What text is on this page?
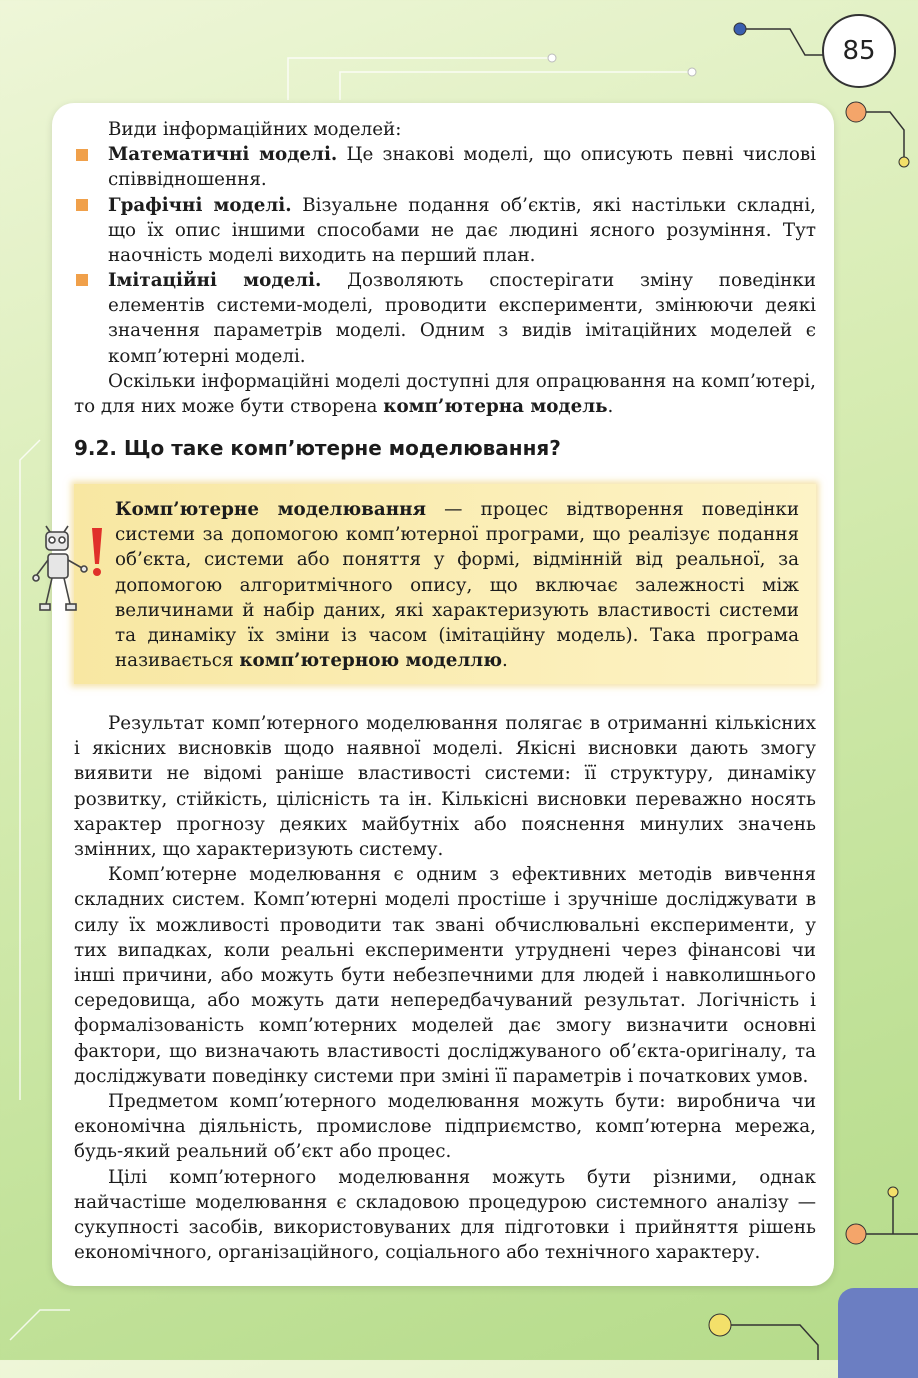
85
Види інформаційних моделей:
Математичні моделі. Це знакові моделі, що описують певні числові співвідношення.
Графічні моделі. Візуальне подання об’єктів, які настільки складні, що їх опис іншими способами не дає людині ясного розуміння. Тут наочність моделі виходить на перший план.
Імітаційні моделі. Дозволяють спостерігати зміну поведінки елементів системи-моделі, проводити експерименти, змінюючи деякі значення параметрів моделі. Одним з видів імітаційних моделей є комп’ютерні моделі.

Оскільки інформаційні моделі доступні для опрацювання на комп’ютері, то для них може бути створена комп’ютерна модель.

9.2. Що таке комп’ютерне моделювання?
Комп’ютерне моделювання — процес відтворення поведінки системи за допомогою комп’ютерної програми, що реалізує подання об’єкта, системи або поняття у формі, відмінній від реальної, за допомогою алгоритмічного опису, що включає залежності між величинами й набір даних, які характеризують властивості системи та динаміку їх зміни із часом (імітаційну модель). Така програма називається комп’ютерною моделлю.

Результат комп’ютерного моделювання полягає в отриманні кількісних і якісних висновків щодо наявної моделі. Якісні висновки дають змогу виявити не відомі раніше властивості системи: її структуру, динаміку розвитку, стійкість, цілісність та ін. Кількісні висновки переважно носять характер прогнозу деяких майбутніх або пояснення минулих значень змінних, що характеризують систему.

Комп’ютерне моделювання є одним з ефективних методів вивчення складних систем. Комп’ютерні моделі простіше і зручніше досліджувати в силу їх можливості проводити так звані обчислювальні експерименти, у тих випадках, коли реальні експерименти утруднені через фінансові чи інші причини, або можуть бути небезпечними для людей і навколишнього середовища, або можуть дати непередбачуваний результат. Логічність і формалізованість комп’ютерних моделей дає змогу визначити основні фактори, що визначають властивості досліджуваного об’єкта-оригіналу, та досліджувати поведінку системи при зміні її параметрів і початкових умов.

Предметом комп’ютерного моделювання можуть бути: виробнича чи економічна діяльність, промислове підприємство, комп’ютерна мережа, будь-який реальний об’єкт або процес.

Цілі комп’ютерного моделювання можуть бути різними, однак найчастіше моделювання є складовою процедурою системного аналізу — сукупності засобів, використовуваних для підготовки і прийняття рішень економічного, організаційного, соціального або технічного характеру.
